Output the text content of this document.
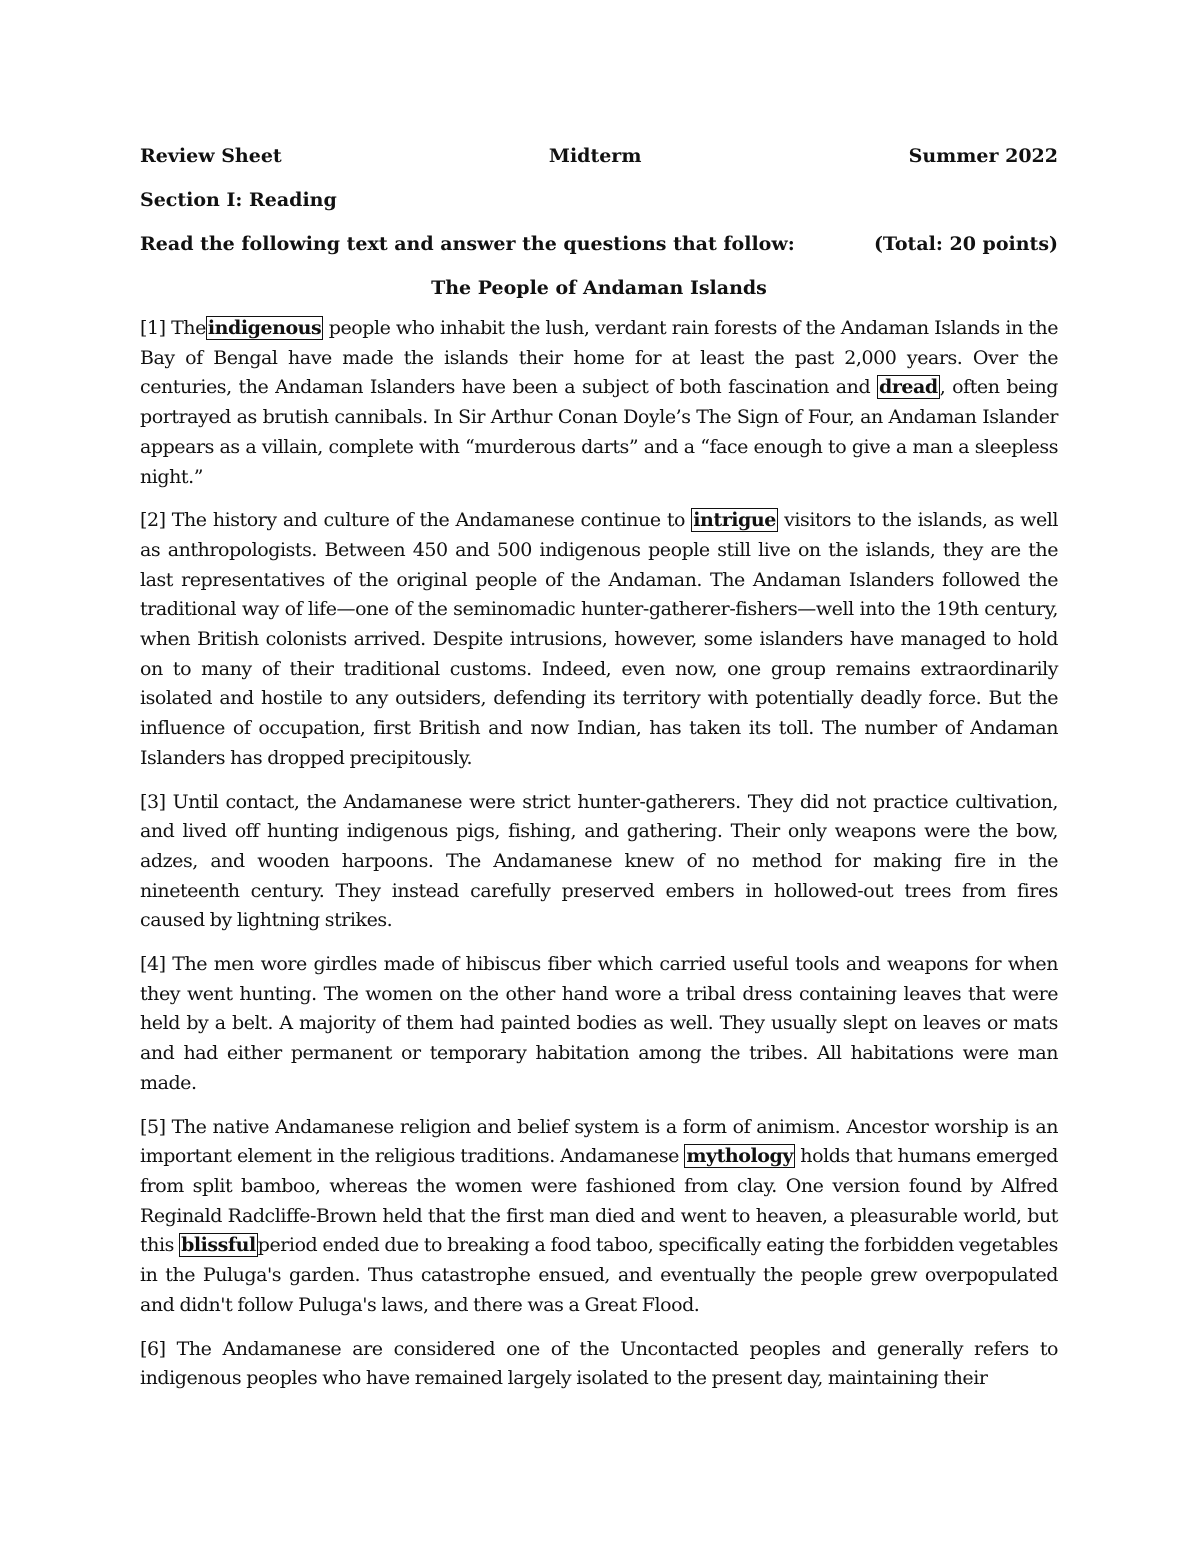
Review Sheet	Midterm	Summer 2022
Section I: Reading
Read the following text and answer the questions that follow:	(Total: 20 points)
The People of Andaman Islands

[1] The indigenous people who inhabit the lush, verdant rain forests of the Andaman Islands in the Bay of Bengal have made the islands their home for at least the past 2,000 years. Over the centuries, the Andaman Islanders have been a subject of both fascination and dread , often being portrayed as brutish cannibals. In Sir Arthur Conan Doyle’s The Sign of Four, an Andaman Islander appears as a villain, complete with “murderous darts” and a “face enough to give a man a sleepless night.”

[2] The history and culture of the Andamanese continue to intrigue visitors to the islands, as well as anthropologists. Between 450 and 500 indigenous people still live on the islands, they are the last representatives of the original people of the Andaman. The Andaman Islanders followed the traditional way of life—one of the seminomadic hunter-gatherer-fishers—well into the 19th century, when British colonists arrived. Despite intrusions, however, some islanders have managed to hold on to many of their traditional customs. Indeed, even now, one group remains extraordinarily isolated and hostile to any outsiders, defending its territory with potentially deadly force. But the influence of occupation, first British and now Indian, has taken its toll. The number of Andaman Islanders has dropped precipitously.

[3] Until contact, the Andamanese were strict hunter-gatherers. They did not practice cultivation, and lived off hunting indigenous pigs, fishing, and gathering. Their only weapons were the bow, adzes, and wooden harpoons. The Andamanese knew of no method for making fire in the nineteenth century. They instead carefully preserved embers in hollowed-out trees from fires caused by lightning strikes.

[4] The men wore girdles made of hibiscus fiber which carried useful tools and weapons for when they went hunting. The women on the other hand wore a tribal dress containing leaves that were held by a belt. A majority of them had painted bodies as well. They usually slept on leaves or mats and had either permanent or temporary habitation among the tribes. All habitations were man made.

[5] The native Andamanese religion and belief system is a form of animism. Ancestor worship is an important element in the religious traditions. Andamanese mythology holds that humans emerged from split bamboo, whereas the women were fashioned from clay. One version found by Alfred Reginald Radcliffe-Brown held that the first man died and went to heaven, a pleasurable world, but this blissful period ended due to breaking a food taboo, specifically eating the forbidden vegetables in the Puluga's garden. Thus catastrophe ensued, and eventually the people grew overpopulated and didn't follow Puluga's laws, and there was a Great Flood.

[6] The Andamanese are considered one of the Uncontacted peoples and generally refers to indigenous peoples who have remained largely isolated to the present day, maintaining their
